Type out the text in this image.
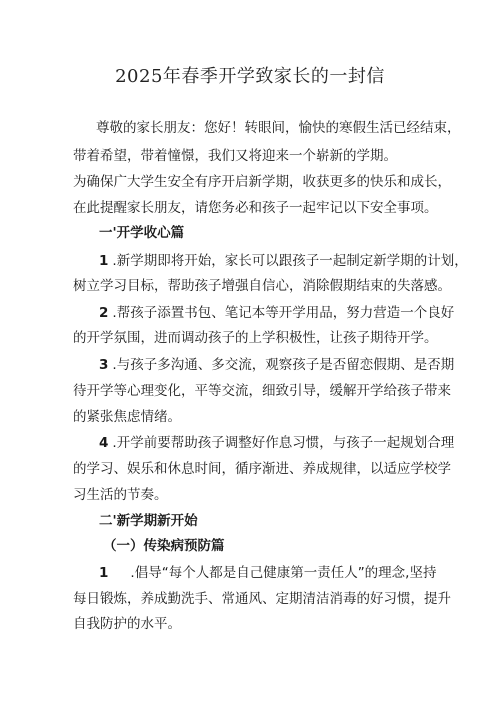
2025年春季开学致家长的一封信
尊敬的家长朋友：您好！转眼间，愉快的寒假生活已经结束，
带着希望，带着憧憬，我们又将迎来一个崭新的学期。
为确保广大学生安全有序开启新学期，收获更多的快乐和成长，
在此提醒家长朋友，请您务必和孩子一起牢记以下安全事项。
一'开学收心篇
1 .新学期即将开始，家长可以跟孩子一起制定新学期的计划，
树立学习目标，帮助孩子增强自信心，消除假期结束的失落感。
2 .帮孩子添置书包、笔记本等开学用品，努力营造一个良好
的开学氛围，进而调动孩子的上学积极性，让孩子期待开学。
3 .与孩子多沟通、多交流，观察孩子是否留恋假期、是否期
待开学等心理变化，平等交流，细致引导，缓解开学给孩子带来
的紧张焦虑情绪。
4 .开学前要帮助孩子调整好作息习惯，与孩子一起规划合理
的学习、娱乐和休息时间，循序渐进、养成规律，以适应学校学
习生活的节奏。
二'新学期新开始
（一）传染病预防篇
1 .倡导“每个人都是自己健康第一责任人”的理念,坚持
每日锻炼，养成勤洗手、常通风、定期清洁消毒的好习惯，提升
自我防护的水平。
